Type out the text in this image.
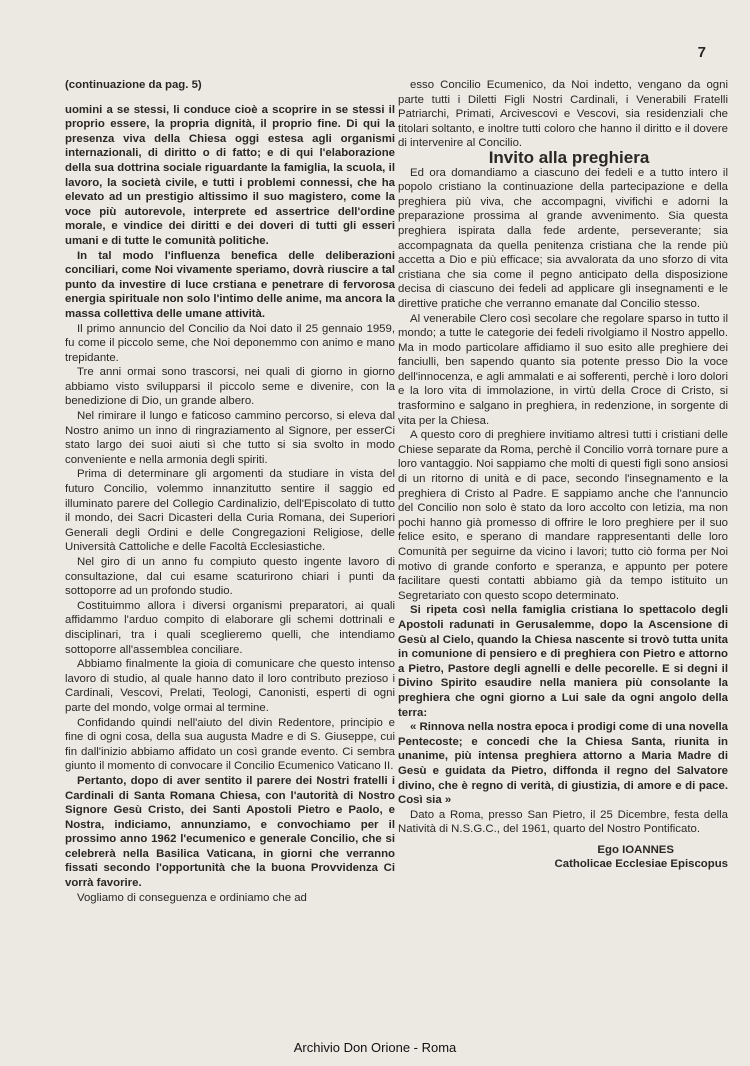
7

(continuazione da pag. 5)

uomini a se stessi, li conduce cioè a scoprire in se stessi il proprio essere, la propria dignità, il proprio fine. Di qui la presenza viva della Chiesa oggi estesa agli organismi internazionali, di diritto o di fatto; e di qui l'elaborazione della sua dottrina sociale riguardante la famiglia, la scuola, il lavoro, la società civile, e tutti i problemi connessi, che ha elevato ad un prestigio altissimo il suo magistero, come la voce più autorevole, interprete ed assertrice dell'ordine morale, e vindice dei diritti e dei doveri di tutti gli esseri umani e di tutte le comunità politiche.

In tal modo l'influenza benefica delle deliberazioni conciliari, come Noi vivamente speriamo, dovrà riuscire a tal punto da investire di luce crstiana e penetrare di fervorosa energia spirituale non solo l'intimo delle anime, ma ancora la massa collettiva delle umane attività.

Il primo annuncio del Concilio da Noi dato il 25 gennaio 1959, fu come il piccolo seme, che Noi deponemmo con animo e mano trepidante.

Tre anni ormai sono trascorsi, nei quali di giorno in giorno abbiamo visto svilupparsi il piccolo seme e divenire, con la benedizione di Dio, un grande albero.

Nel rimirare il lungo e faticoso cammino percorso, si eleva dal Nostro animo un inno di ringraziamento al Signore, per esserCi stato largo dei suoi aiuti sì che tutto si sia svolto in modo conveniente e nella armonia degli spiriti.

Prima di determinare gli argomenti da studiare in vista del futuro Concilio, volemmo innanzitutto sentire il saggio ed illuminato parere del Collegio Cardinalizio, dell'Episcolato di tutto il mondo, dei Sacri Dicasteri della Curia Romana, dei Superiori Generali degli Ordini e delle Congregazioni Religiose, delle Università Cattoliche e delle Facoltà Ecclesiastiche.

Nel giro di un anno fu compiuto questo ingente lavoro di consultazione, dal cui esame scaturirono chiari i punti da sottoporre ad un profondo studio.

Costituimmo allora i diversi organismi preparatori, ai quali affidammo l'arduo compito di elaborare gli schemi dottrinali e disciplinari, tra i quali sceglieremo quelli, che intendiamo sottoporre all'assemblea conciliare.

Abbiamo finalmente la gioia di comunicare che questo intenso lavoro di studio, al quale hanno dato il loro contributo prezioso i Cardinali, Vescovi, Prelati, Teologi, Canonisti, esperti di ogni parte del mondo, volge ormai al termine.

Confidando quindi nell'aiuto del divin Redentore, principio e fine di ogni cosa, della sua augusta Madre e di S. Giuseppe, cui fin dall'inizio abbiamo affidato un così grande evento. Ci sembra giunto il momento di convocare il Concilio Ecumenico Vaticano II.

Pertanto, dopo di aver sentito il parere dei Nostri fratelli i Cardinali di Santa Romana Chiesa, con l'autorità di Nostro Signore Gesù Cristo, dei Santi Apostoli Pietro e Paolo, e Nostra, indiciamo, annunziamo, e convochiamo per il prossimo anno 1962 l'ecumenico e generale Concilio, che si celebrerà nella Basilica Vaticana, in giorni che verranno fissati secondo l'opportunità che la buona Provvidenza Ci vorrà favorire.

Vogliamo di conseguenza e ordiniamo che ad

esso Concilio Ecumenico, da Noi indetto, vengano da ogni parte tutti i Diletti Figli Nostri Cardinali, i Venerabili Fratelli Patriarchi, Primati, Arcivescovi e Vescovi, sia residenziali che titolari soltanto, e inoltre tutti coloro che hanno il diritto e il dovere di intervenire al Concilio.

Invito alla preghiera

Ed ora domandiamo a ciascuno dei fedeli e a tutto intero il popolo cristiano la continuazione della partecipazione e della preghiera più viva, che accompagni, vivifichi e adorni la preparazione prossima al grande avvenimento. Sia questa preghiera ispirata dalla fede ardente, perseverante; sia accompagnata da quella penitenza cristiana che la rende più accetta a Dio e più efficace; sia avvalorata da uno sforzo di vita cristiana che sia come il pegno anticipato della disposizione decisa di ciascuno dei fedeli ad applicare gli insegnamenti e le direttive pratiche che verranno emanate dal Concilio stesso.

Al venerabile Clero così secolare che regolare sparso in tutto il mondo; a tutte le categorie dei fedeli rivolgiamo il Nostro appello. Ma in modo particolare affidiamo il suo esito alle preghiere dei fanciulli, ben sapendo quanto sia potente presso Dio la voce dell'innocenza, e agli ammalati e ai sofferenti, perchè i loro dolori e la loro vita di immolazione, in virtù della Croce di Cristo, si trasformino e salgano in preghiera, in redenzione, in sorgente di vita per la Chiesa.

A questo coro di preghiere invitiamo altresì tutti i cristiani delle Chiese separate da Roma, perchè il Concilio vorrà tornare pure a loro vantaggio. Noi sappiamo che molti di questi figli sono ansiosi di un ritorno di unità e di pace, secondo l'insegnamento e la preghiera di Cristo al Padre. E sappiamo anche che l'annuncio del Concilio non solo è stato da loro accolto con letizia, ma non pochi hanno già promesso di offrire le loro preghiere per il suo felice esito, e sperano di mandare rappresentanti delle loro Comunità per seguirne da vicino i lavori; tutto ciò forma per Noi motivo di grande conforto e speranza, e appunto per potere facilitare questi contatti abbiamo già da tempo istituito un Segretariato con questo scopo determinato.

Si ripeta così nella famiglia cristiana lo spettacolo degli Apostoli radunati in Gerusalemme, dopo la Ascensione di Gesù al Cielo, quando la Chiesa nascente si trovò tutta unita in comunione di pensiero e di preghiera con Pietro e attorno a Pietro, Pastore degli agnelli e delle pecorelle. E si degni il Divino Spirito esaudire nella maniera più consolante la preghiera che ogni giorno a Lui sale da ogni angolo della terra:

« Rinnova nella nostra epoca i prodigi come di una novella Pentecoste; e concedi che la Chiesa Santa, riunita in unanime, più intensa preghiera attorno a Maria Madre di Gesù e guidata da Pietro, diffonda il regno del Salvatore divino, che è regno di verità, di giustizia, di amore e di pace. Così sia »

Dato a Roma, presso San Pietro, il 25 Dicembre, festa della Natività di N.S.G.C., del 1961, quarto del Nostro Pontificato.

Ego IOANNES
Catholicae Ecclesiae Episcopus
Archivio Don Orione - Roma
